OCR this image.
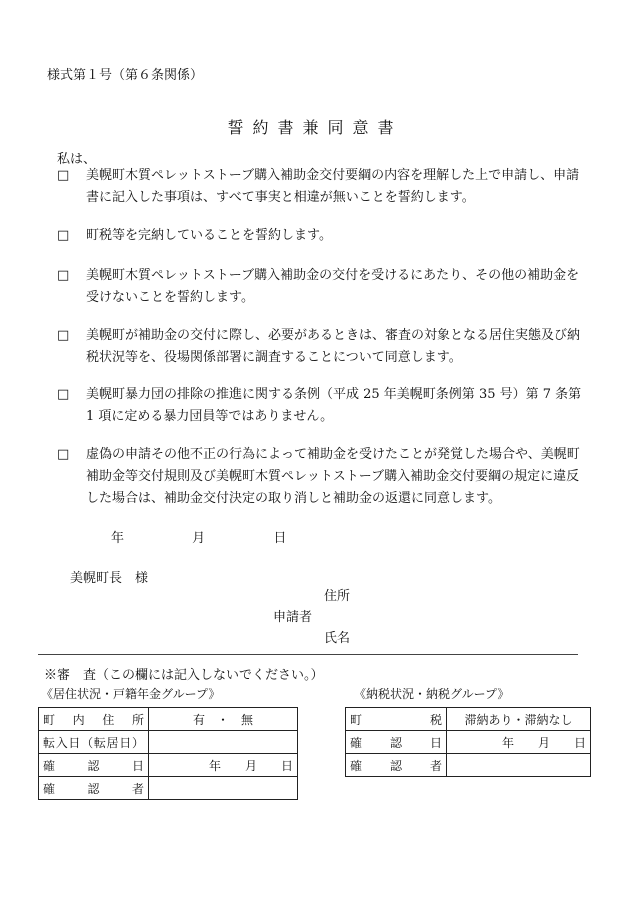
様式第１号（第６条関係）
誓約書兼同意書
私は、
□	美幌町木質ペレットストーブ購入補助金交付要綱の内容を理解した上で申請し、申請書に記入した事項は、すべて事実と相違が無いことを誓約します。
□	町税等を完納していることを誓約します。
□	美幌町木質ペレットストーブ購入補助金の交付を受けるにあたり、その他の補助金を受けないことを誓約します。
□	美幌町が補助金の交付に際し、必要があるときは、審査の対象となる居住実態及び納税状況等を、役場関係部署に調査することについて同意します。
□	美幌町暴力団の排除の推進に関する条例（平成 25 年美幌町条例第 35 号）第 7 条第 1 項に定める暴力団員等ではありません。
□	虚偽の申請その他不正の行為によって補助金を受けたことが発覚した場合や、美幌町補助金等交付規則及び美幌町木質ペレットストーブ購入補助金交付要綱の規定に違反した場合は、補助金交付決定の取り消しと補助金の返還に同意します。
年	月	日
美幌町長　様
住所
申請者
氏名
※審　査（この欄には記入しないでください。）
《居住状況・戸籍年金グループ》	《納税状況・納税グループ》
町内住所	有　・　無
転入日（転居日）	
確認日	年　　月　　日
確認者	
町税	滞納あり・滞納なし
確認日	年　　月　　日
確認者	
